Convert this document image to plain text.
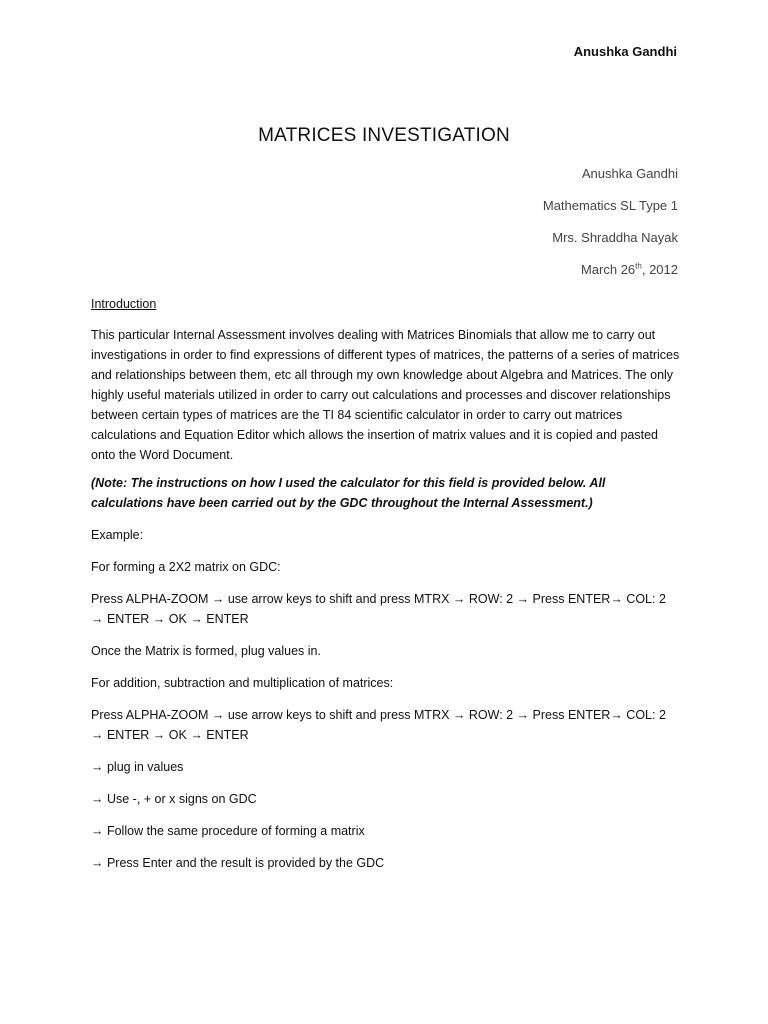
Anushka Gandhi
MATRICES INVESTIGATION
Anushka Gandhi
Mathematics SL Type 1
Mrs. Shraddha Nayak
March 26th, 2012
Introduction
This particular Internal Assessment involves dealing with Matrices Binomials that allow me to carry out investigations in order to find expressions of different types of matrices, the patterns of a series of matrices and relationships between them, etc all through my own knowledge about Algebra and Matrices. The only highly useful materials utilized in order to carry out calculations and processes and discover relationships between certain types of matrices are the TI 84 scientific calculator in order to carry out matrices calculations and Equation Editor which allows the insertion of matrix values and it is copied and pasted onto the Word Document.
(Note: The instructions on how I used the calculator for this field is provided below. All calculations have been carried out by the GDC throughout the Internal Assessment.)
Example:
For forming a 2X2 matrix on GDC:
Press ALPHA-ZOOM → use arrow keys to shift and press MTRX → ROW: 2 → Press ENTER→ COL: 2 → ENTER → OK → ENTER
Once the Matrix is formed, plug values in.
For addition, subtraction and multiplication of matrices:
Press ALPHA-ZOOM → use arrow keys to shift and press MTRX → ROW: 2 → Press ENTER→ COL: 2 → ENTER → OK → ENTER
→ plug in values
→ Use -, + or x signs on GDC
→ Follow the same procedure of forming a matrix
→ Press Enter and the result is provided by the GDC
